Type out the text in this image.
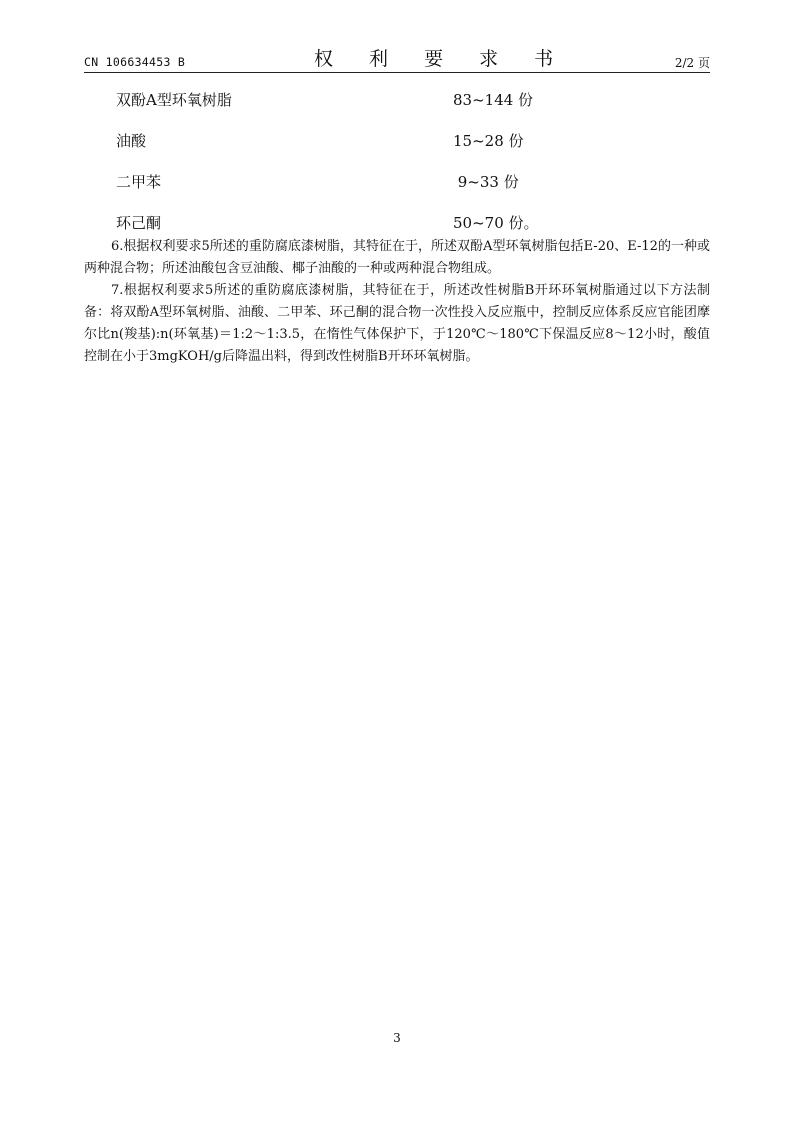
CN 106634453 B	权 利 要 求 书	2/2 页
双酚A型环氧树脂	83~144 份
油酸	15~28 份
二甲苯	9~33 份
环己酮	50~70 份。

6.根据权利要求5所述的重防腐底漆树脂，其特征在于，所述双酚A型环氧树脂包括E-20、E-12的一种或两种混合物；所述油酸包含豆油酸、椰子油酸的一种或两种混合物组成。

7.根据权利要求5所述的重防腐底漆树脂，其特征在于，所述改性树脂B开环环氧树脂通过以下方法制备：将双酚A型环氧树脂、油酸、二甲苯、环己酮的混合物一次性投入反应瓶中，控制反应体系反应官能团摩尔比n(羧基):n(环氧基)＝1:2～1:3.5，在惰性气体保护下，于120℃～180℃下保温反应8～12小时，酸值控制在小于3mgKOH/g后降温出料，得到改性树脂B开环环氧树脂。

3
